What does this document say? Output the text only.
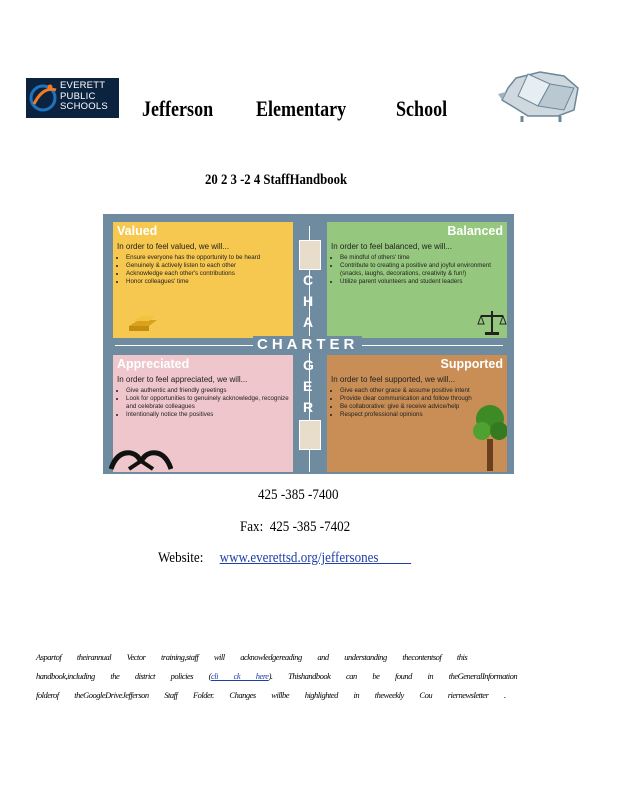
EVERETT
PUBLIC
SCHOOLS Jefferson Elementary School
20 2 3 -2 4 StaffHandbook
Valued
In order to feel valued, we will...
• Ensure everyone has the opportunity to be heard
• Genuinely & actively listen to each other
• Acknowledge each other's contributions
• Honor colleagues' time
Balanced
In order to feel balanced, we will...
• Be mindful of others' time
• Contribute to creating a positive and joyful environment (snacks, laughs, decorations, creativity & fun!)
• Utilize parent volunteers and student leaders
Appreciated
In order to feel appreciated, we will...
• Give authentic and friendly greetings
• Look for opportunities to genuinely acknowledge, recognize and celebrate colleagues
• Intentionally notice the positives
Supported
In order to feel supported, we will...
• Give each other grace & assume positive intent
• Provide clear communication and follow through
• Be collaborative: give & receive advice/help
• Respect professional opinions
CHARTER
C
H
A
G
E
R
425 -385 -7400
Fax: 425 -385 -7402
Website: www.everettsd.org/jeffersones
Aspartof theirannual Vector training,staff will acknowledgereading and understanding thecontentsof this
handbook,including the district policies (cli ck here). Thishandbook can be found in theGeneralInformation
folderof theGoogleDriveJefferson Staff Folder. Changes willbe highlighted in theweekly Cou riernewsletter .
